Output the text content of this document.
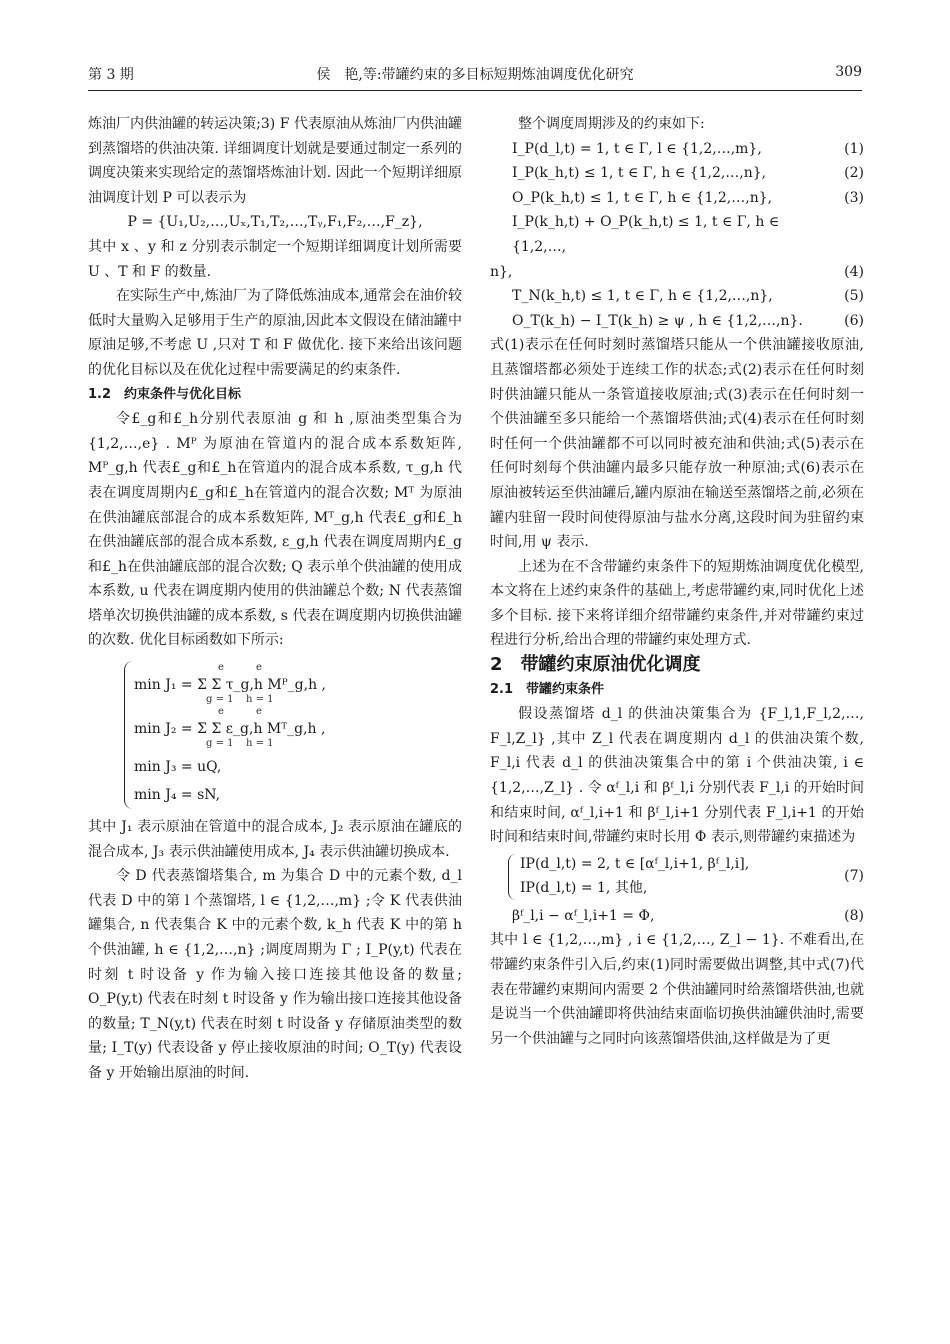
第 3 期	侯　艳,等:带罐约束的多目标短期炼油调度优化研究	309

炼油厂内供油罐的转运决策;3) F 代表原油从炼油厂内供油罐到蒸馏塔的供油决策. 详细调度计划就是要通过制定一系列的调度决策来实现给定的蒸馏塔炼油计划. 因此一个短期详细原油调度计划 P 可以表示为

P = {U₁,U₂,…,Uₓ,T₁,T₂,…,Tᵧ,F₁,F₂,…,F_z},

其中 x 、y 和 z 分别表示制定一个短期详细调度计划所需要 U 、T 和 F 的数量.

在实际生产中,炼油厂为了降低炼油成本,通常会在油价较低时大量购入足够用于生产的原油,因此本文假设在储油罐中原油足够,不考虑 U ,只对 T 和 F 做优化. 接下来给出该问题的优化目标以及在优化过程中需要满足的约束条件.

1.2　约束条件与优化目标

令£_g和£_h分别代表原油 g 和 h ,原油类型集合为 {1,2,…,e} . Mᴾ 为原油在管道内的混合成本系数矩阵, Mᴾ_g,h 代表£_g和£_h在管道内的混合成本系数, τ_g,h 代表在调度周期内£_g和£_h在管道内的混合次数; Mᵀ 为原油在供油罐底部混合的成本系数矩阵, Mᵀ_g,h 代表£_g和£_h在供油罐底部的混合成本系数, ε_g,h 代表在调度周期内£_g和£_h在供油罐底部的混合次数; Q 表示单个供油罐的使用成本系数, u 代表在调度期内使用的供油罐总个数; N 代表蒸馏塔单次切换供油罐的成本系数, s 代表在调度期内切换供油罐的次数. 优化目标函数如下所示:

min J₁ = Σ Σ τ_g,h Mᴾ_g,h ,
min J₂ = Σ Σ ε_g,h Mᵀ_g,h ,
min J₃ = uQ,
min J₄ = sN,
e	e
g = 1 h = 1
e	e
g = 1 h = 1

其中 J₁ 表示原油在管道中的混合成本, J₂ 表示原油在罐底的混合成本, J₃ 表示供油罐使用成本, J₄ 表示供油罐切换成本.

令 D 代表蒸馏塔集合, m 为集合 D 中的元素个数, d_l 代表 D 中的第 l 个蒸馏塔, l ∈ {1,2,…,m} ;令 K 代表供油罐集合, n 代表集合 K 中的元素个数, k_h 代表 K 中的第 h 个供油罐, h ∈ {1,2,…,n} ;调度周期为 Γ ; I_P(y,t) 代表在时刻 t 时设备 y 作为输入接口连接其他设备的数量; O_P(y,t) 代表在时刻 t 时设备 y 作为输出接口连接其他设备的数量; T_N(y,t) 代表在时刻 t 时设备 y 存储原油类型的数量; I_T(y) 代表设备 y 停止接收原油的时间; O_T(y) 代表设备 y 开始输出原油的时间.

整个调度周期涉及的约束如下:

I_P(d_l,t) = 1, t ∈ Γ, l ∈ {1,2,…,m},	(1)
I_P(k_h,t) ≤ 1, t ∈ Γ, h ∈ {1,2,…,n},	(2)
O_P(k_h,t) ≤ 1, t ∈ Γ, h ∈ {1,2,…,n},	(3)
I_P(k_h,t) + O_P(k_h,t) ≤ 1, t ∈ Γ, h ∈ {1,2,…,
n},	(4)
T_N(k_h,t) ≤ 1, t ∈ Γ, h ∈ {1,2,…,n},	(5)
O_T(k_h) − I_T(k_h) ≥ ψ , h ∈ {1,2,…,n}.	(6)

式(1)表示在任何时刻时蒸馏塔只能从一个供油罐接收原油,且蒸馏塔都必须处于连续工作的状态;式(2)表示在任何时刻时供油罐只能从一条管道接收原油;式(3)表示在任何时刻一个供油罐至多只能给一个蒸馏塔供油;式(4)表示在任何时刻时任何一个供油罐都不可以同时被充油和供油;式(5)表示在任何时刻每个供油罐内最多只能存放一种原油;式(6)表示在原油被转运至供油罐后,罐内原油在输送至蒸馏塔之前,必须在罐内驻留一段时间使得原油与盐水分离,这段时间为驻留约束时间,用 ψ 表示.

上述为在不含带罐约束条件下的短期炼油调度优化模型,本文将在上述约束条件的基础上,考虑带罐约束,同时优化上述多个目标. 接下来将详细介绍带罐约束条件,并对带罐约束过程进行分析,给出合理的带罐约束处理方式.

2　带罐约束原油优化调度

2.1　带罐约束条件

假设蒸馏塔 d_l 的供油决策集合为 {F_l,1,F_l,2,…, F_l,Z_l} ,其中 Z_l 代表在调度期内 d_l 的供油决策个数, F_l,i 代表 d_l 的供油决策集合中的第 i 个供油决策, i ∈ {1,2,…,Z_l} . 令 αᶠ_l,i 和 βᶠ_l,i 分别代表 F_l,i 的开始时间和结束时间, αᶠ_l,i+1 和 βᶠ_l,i+1 分别代表 F_l,i+1 的开始时间和结束时间,带罐约束时长用 Φ 表示,则带罐约束描述为

IP(d_l,t) = 2, t ∈ [αᶠ_l,i+1, βᶠ_l,i],
IP(d_l,t) = 1, 其他,
(7)
βᶠ_l,i − αᶠ_l,i+1 = Φ,	(8)

其中 l ∈ {1,2,…,m} , i ∈ {1,2,…, Z_l − 1}. 不难看出,在带罐约束条件引入后,约束(1)同时需要做出调整,其中式(7)代表在带罐约束期间内需要 2 个供油罐同时给蒸馏塔供油,也就是说当一个供油罐即将供油结束面临切换供油罐供油时,需要另一个供油罐与之同时向该蒸馏塔供油,这样做是为了更
